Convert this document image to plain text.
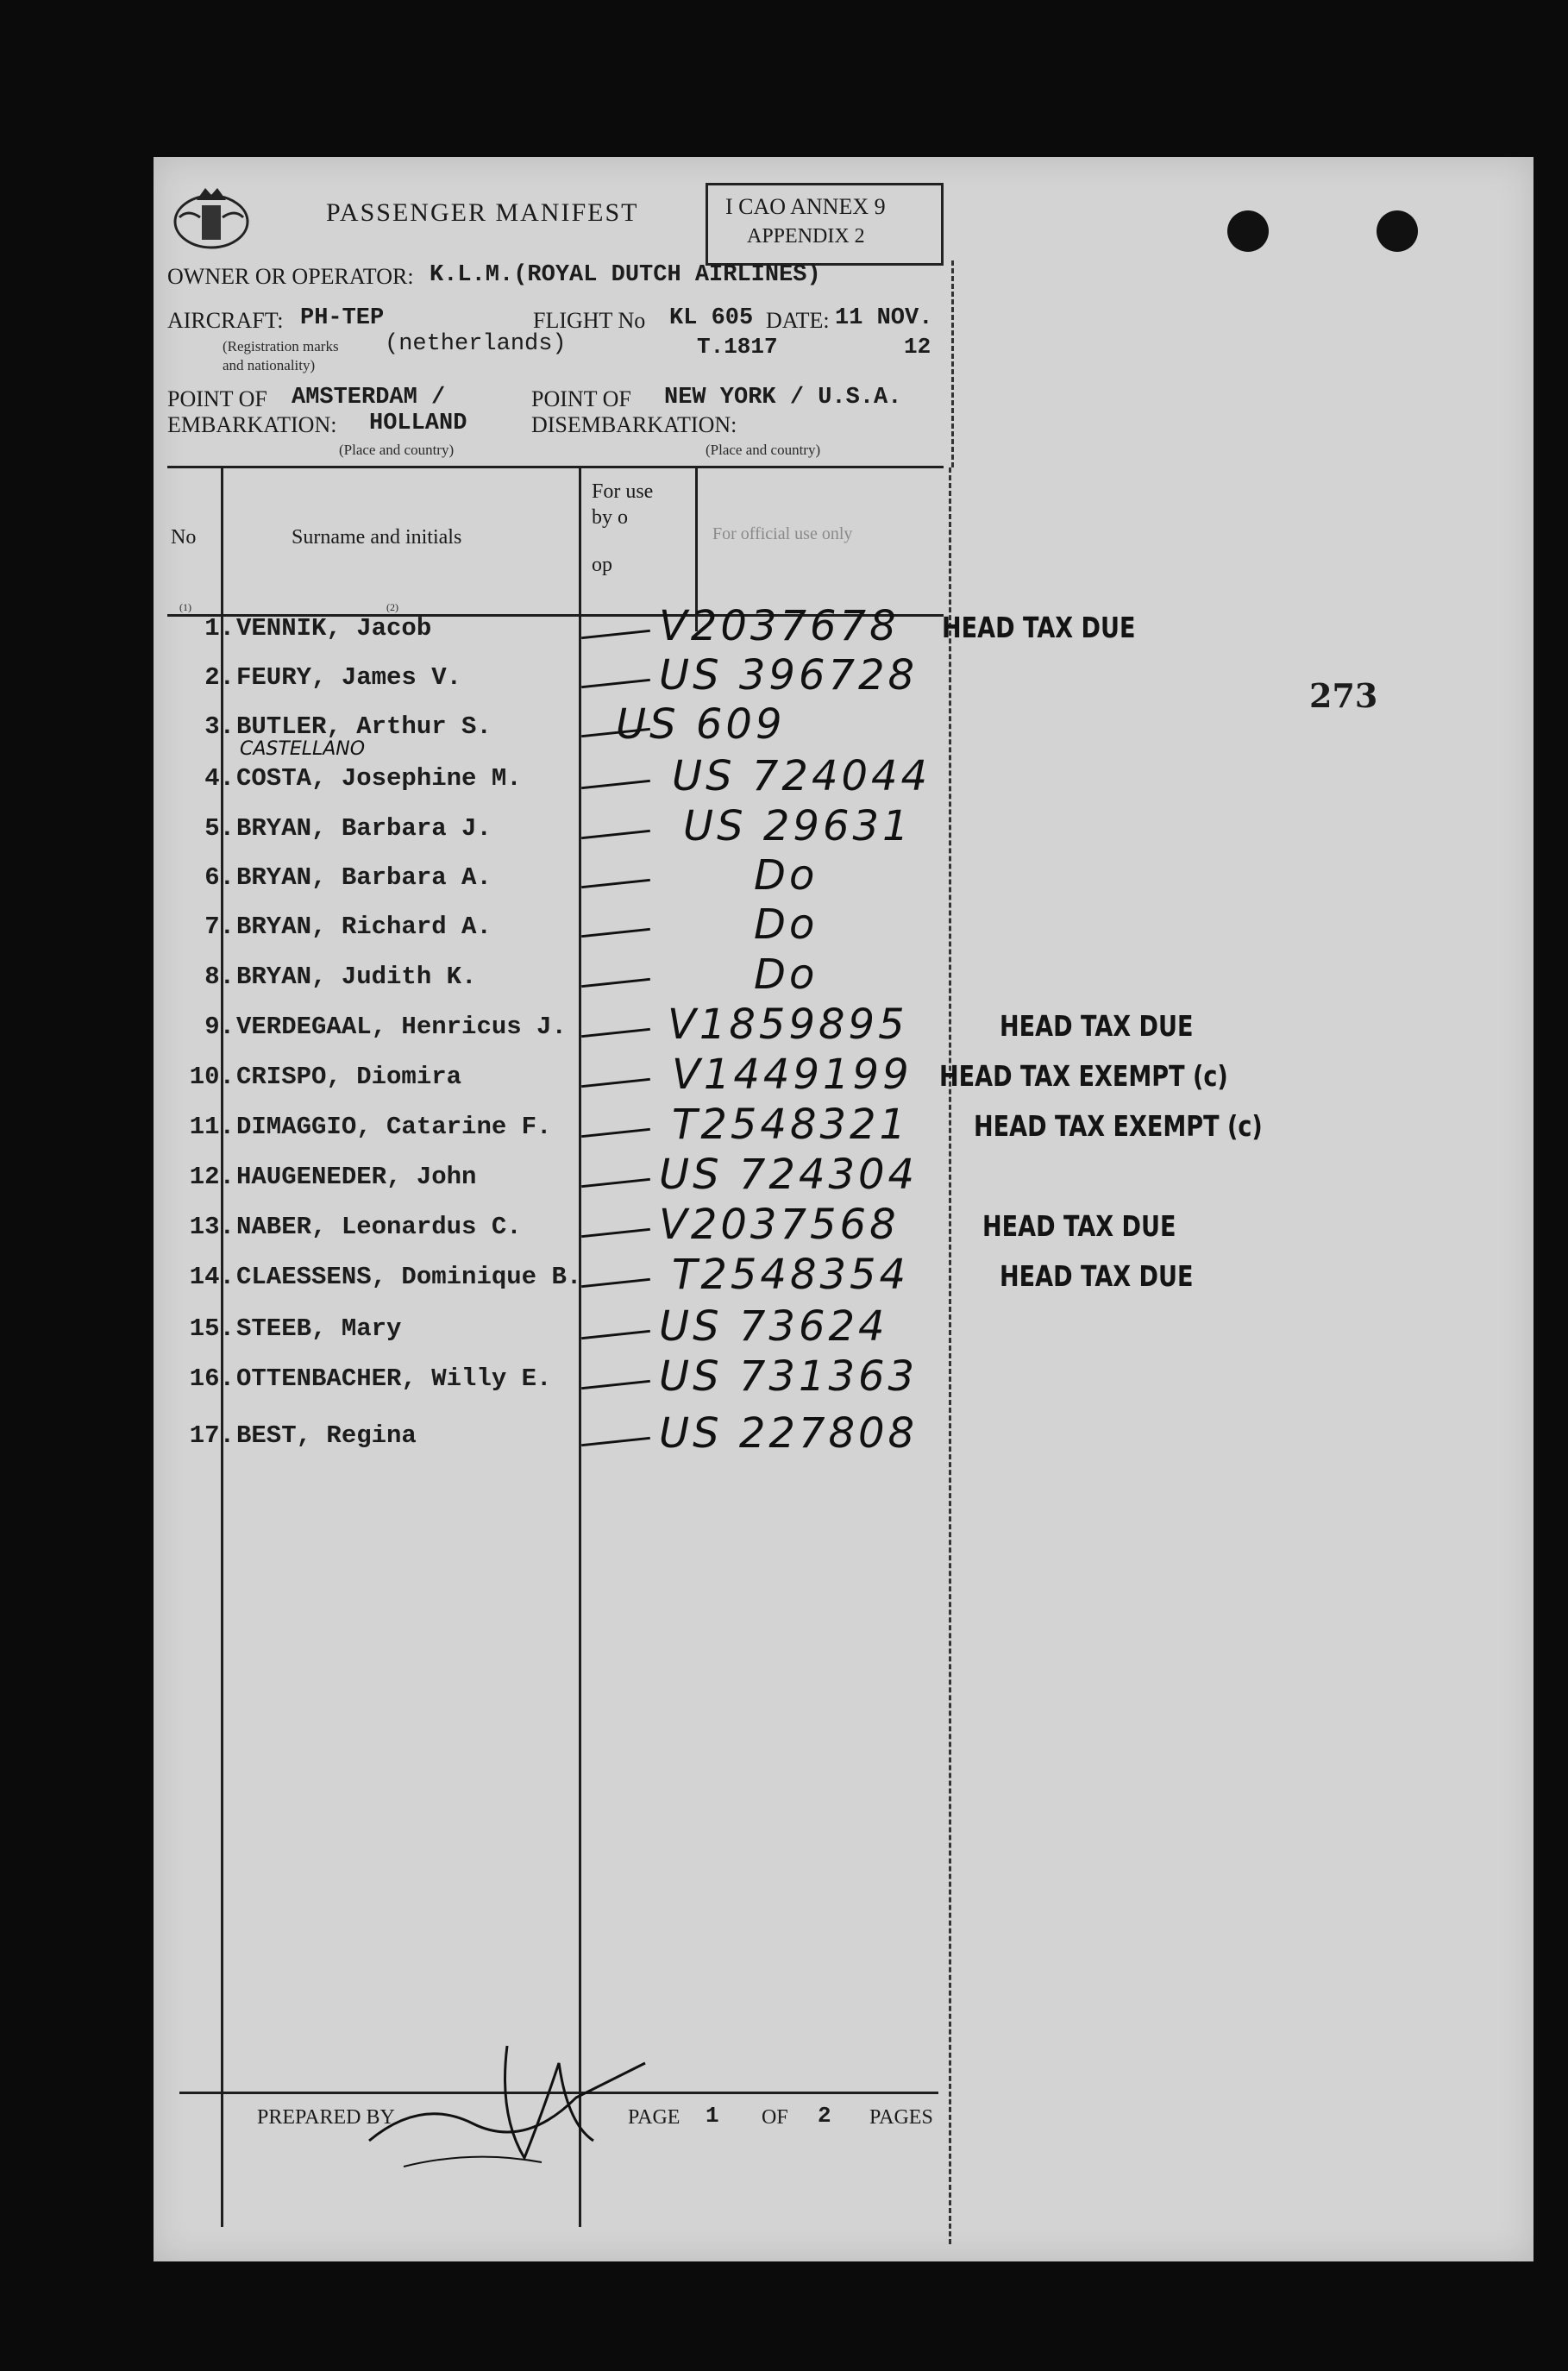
PASSENGER MANIFEST	I CAO ANNEX 9
APPENDIX 2
OWNER OR OPERATOR: K.L.M.(ROYAL DUTCH AIRLINES)
AIRCRAFT: PH-TEP
(Registration marks
and nationality)
(netherlands)
FLIGHT No KL 605 DATE: 11 NOV.
T.1817	12
POINT OF
EMBARKATION:
AMSTERDAM /
HOLLAND
(Place and country)
POINT OF
DISEMBARKATION:
NEW YORK / U.S.A.
(Place and country)
No
(1)
Surname and initials
(2)
For use
by o
op
For official use only
1. VENNIK, Jacob	V2037678 HEAD TAX DUE
2. FEURY, James V.	US 396728
3. BUTLER, Arthur S.	US 609
4. COSTA, Josephine M.	US 724044
CASTELLANO
5. BRYAN, Barbara J.	US 29631
6. BRYAN, Barbara A.	Do
7. BRYAN, Richard A.	Do
8. BRYAN, Judith K.	Do
9. VERDEGAAL, Henricus J. V1859895	HEAD TAX DUE
10. CRISPO, Diomira	V1449199 HEAD TAX EXEMPT (c)
11. DIMAGGIO, Catarine F.	T2548321 HEAD TAX EXEMPT (c)
12. HAUGENEDER, John	US 724304
13. NABER, Leonardus C.	V2037568	HEAD TAX DUE
14. CLAESSENS, Dominique B. T2548354	HEAD TAX DUE
15. STEEB, Mary	US 73624
16. OTTENBACHER, Willy E.	US 731363
17. BEST, Regina	US 227808
273
PREPARED BY	PAGE 1 OF 2 PAGES
